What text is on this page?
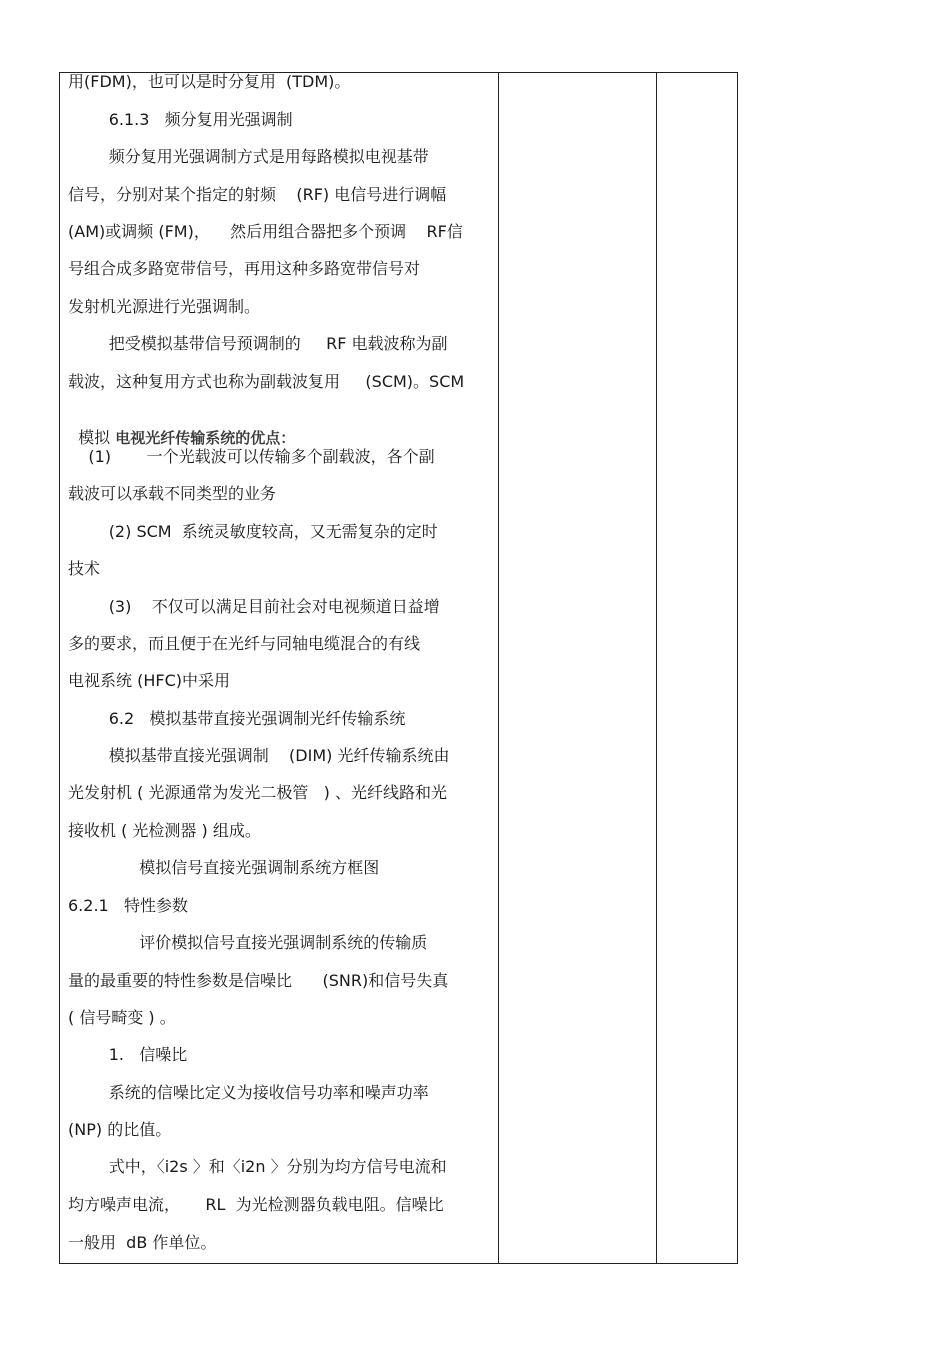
用(FDM)，也可以是时分复用  (TDM)。
6.1.3   频分复用光强调制
频分复用光强调制方式是用每路模拟电视基带
信号，分别对某个指定的射频    (RF) 电信号进行调幅
(AM)或调频 (FM)，    然后用组合器把多个预调    RF信
号组合成多路宽带信号，再用这种多路宽带信号对
发射机光源进行光强调制。
把受模拟基带信号预调制的     RF 电载波称为副
载波，这种复用方式也称为副载波复用     (SCM)。SCM

模拟 电视光纤传输系统的优点：

(1)       一个光载波可以传输多个副载波，各个副
载波可以承载不同类型的业务
(2) SCM  系统灵敏度较高，又无需复杂的定时
技术
(3)    不仅可以满足目前社会对电视频道日益增
多的要求，而且便于在光纤与同轴电缆混合的有线
电视系统 (HFC)中采用
6.2   模拟基带直接光强调制光纤传输系统
模拟基带直接光强调制    (DIM) 光纤传输系统由
光发射机 ( 光源通常为发光二极管   ) 、光纤线路和光
接收机 ( 光检测器 ) 组成。
模拟信号直接光强调制系统方框图
6.2.1   特性参数
评价模拟信号直接光强调制系统的传输质
量的最重要的特性参数是信噪比      (SNR)和信号失真
( 信号畸变 ) 。
1.   信噪比
系统的信噪比定义为接收信号功率和噪声功率
(NP) 的比值。
式中，〈i2s 〉和〈i2n 〉分别为均方信号电流和
均方噪声电流，     RL  为光检测器负载电阻。信噪比
一般用  dB 作单位。
